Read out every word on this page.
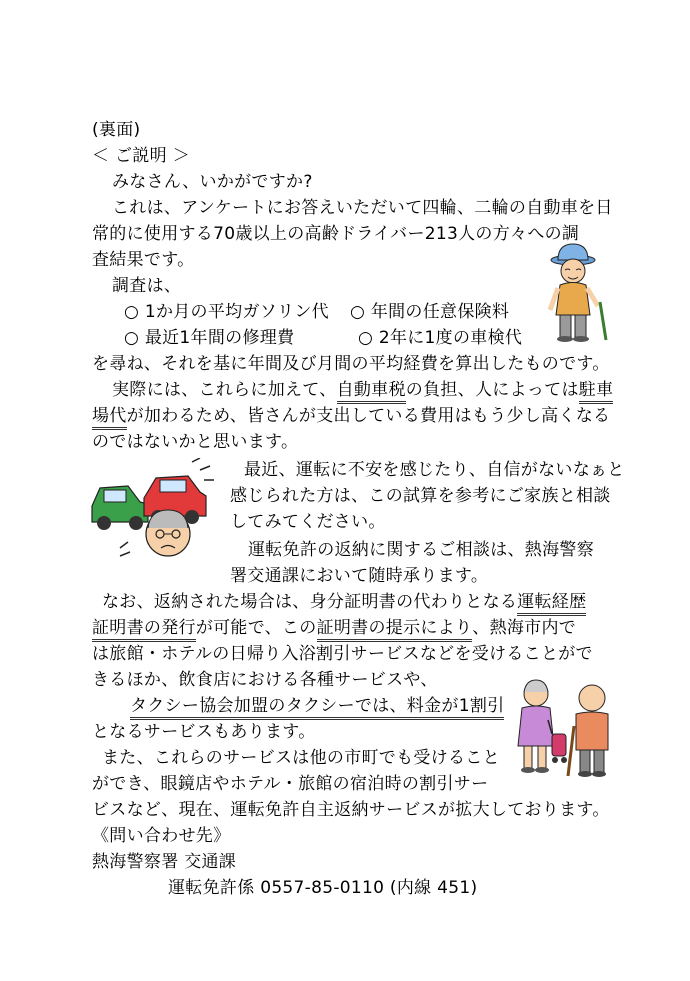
(裏面)
＜ ご説明 ＞
みなさん、いかがですか?
これは、アンケートにお答えいただいて四輪、二輪の自動車を日
常的に使用する70歳以上の高齢ドライバー213人の方々への調
査結果です。
調査は、
○ 1か月の平均ガソリン代 ○ 年間の任意保険料
○ 最近1年間の修理費	○ 2年に1度の車検代
を尋ね、それを基に年間及び月間の平均経費を算出したものです。
実際には、これらに加えて、自動車税の負担、人によっては駐車
場代が加わるため、皆さんが支出している費用はもう少し高くなる
のではないかと思います。
最近、運転に不安を感じたり、自信がないなぁと
感じられた方は、この試算を参考にご家族と相談
してみてください。
運転免許の返納に関するご相談は、熱海警察
署交通課において随時承ります。
なお、返納された場合は、身分証明書の代わりとなる運転経歴
証明書の発行が可能で、この証明書の提示により、熱海市内で
は旅館・ホテルの日帰り入浴割引サービスなどを受けることがで
きるほか、飲食店における各種サービスや、
タクシー協会加盟のタクシーでは、料金が1割引
となるサービスもあります。
また、これらのサービスは他の市町でも受けること
ができ、眼鏡店やホテル・旅館の宿泊時の割引サー
ビスなど、現在、運転免許自主返納サービスが拡大しております。
《問い合わせ先》
熱海警察署 交通課
運転免許係 0557-85-0110 (内線 451)
